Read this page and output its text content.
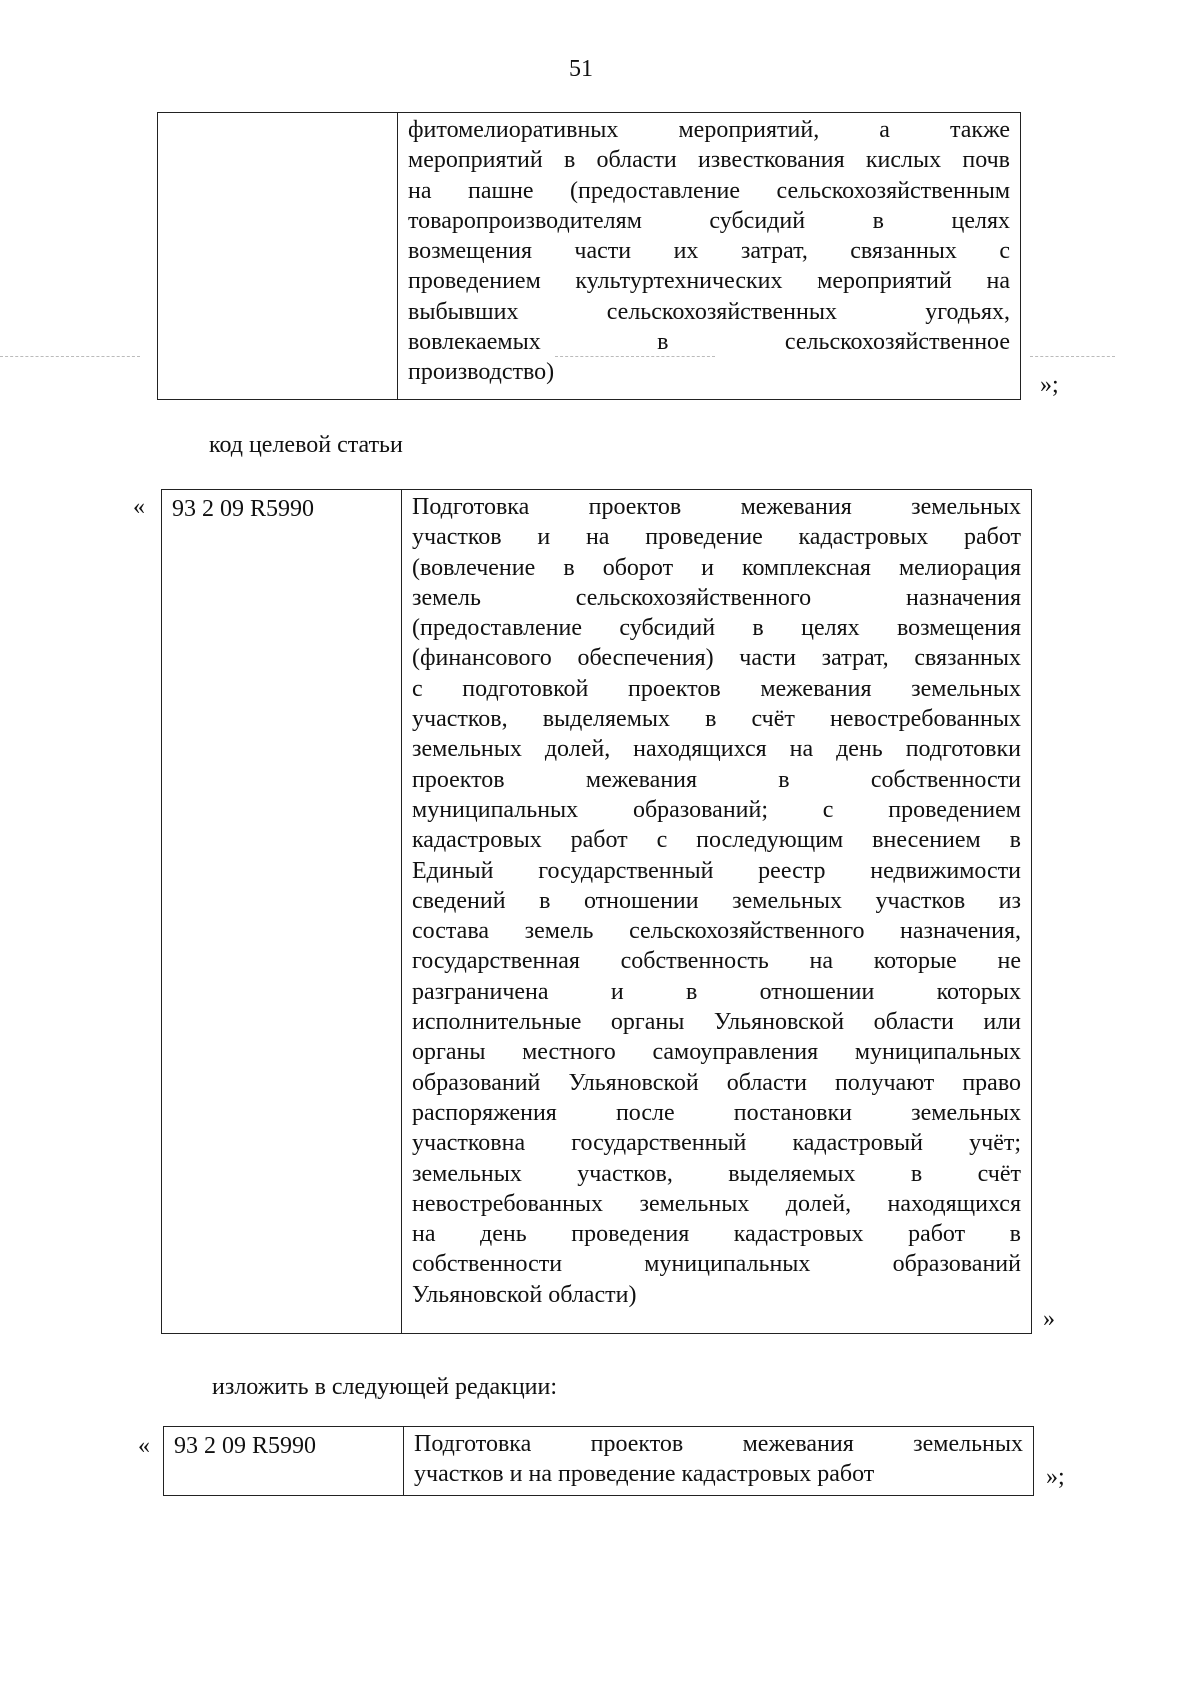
51
фитомелиоративных мероприятий, а также
мероприятий в области известкования кислых почв
на пашне (предоставление сельскохозяйственным
товаропроизводителям субсидий в целях
возмещения части их затрат, связанных с
проведением культуртехнических мероприятий на
выбывших сельскохозяйственных угодьях,
вовлекаемых в сельскохозяйственное
производство)	»;
код целевой статьи
«	93 2 09 R5990	Подготовка проектов межевания земельных
участков и на проведение кадастровых работ
(вовлечение в оборот и комплексная мелиорация
земель сельскохозяйственного назначения
(предоставление субсидий в целях возмещения
(финансового обеспечения) части затрат, связанных
с подготовкой проектов межевания земельных
участков, выделяемых в счёт невостребованных
земельных долей, находящихся на день подготовки
проектов межевания в собственности
муниципальных образований; с проведением
кадастровых работ с последующим внесением в
Единый государственный реестр недвижимости
сведений в отношении земельных участков из
состава земель сельскохозяйственного назначения,
государственная собственность на которые не
разграничена и в отношении которых
исполнительные органы Ульяновской области или
органы местного самоуправления муниципальных
образований Ульяновской области получают право
распоряжения после постановки земельных
участковна государственный кадастровый учёт;
земельных участков, выделяемых в счёт
невостребованных земельных долей, находящихся
на день проведения кадастровых работ в
собственности муниципальных образований
Ульяновской области)
»
изложить в следующей редакции:
«	93 2 09 R5990	Подготовка проектов межевания земельных
участков и на проведение кадастровых работ	»;
